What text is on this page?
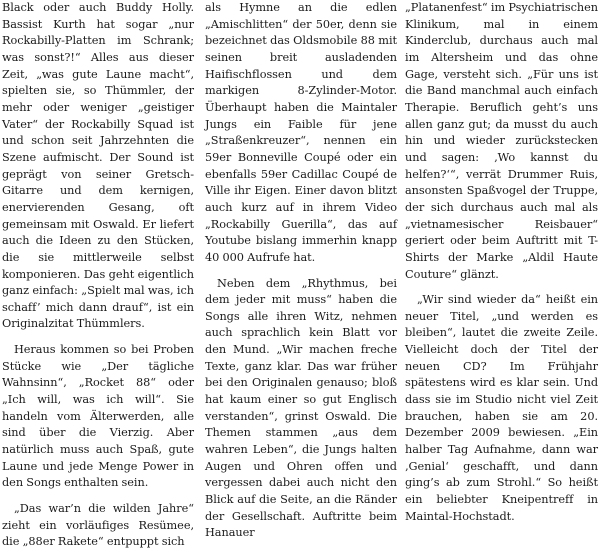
Black oder auch Buddy Holly. Bassist Kurth hat sogar „nur Rockabilly-Platten im Schrank; was sonst?!“ Alles aus dieser Zeit, „was gute Laune macht“, spielten sie, so Thümmler, der mehr oder weniger „geistiger Vater“ der Rockabilly Squad ist und schon seit Jahrzehnten die Szene aufmischt. Der Sound ist geprägt von seiner Gretsch-Gitarre und dem kernigen, enervierenden Gesang, oft gemeinsam mit Oswald. Er liefert auch die Ideen zu den Stücken, die sie mittlerweile selbst komponieren. Das geht eigentlich ganz einfach: „Spielt mal was, ich schaff’ mich dann drauf“, ist ein Originalzitat Thümmlers.

Heraus kommen so bei Proben Stücke wie „Der tägliche Wahnsinn“, „Rocket 88“ oder „Ich will, was ich will“. Sie handeln vom Älterwerden, alle sind über die Vierzig. Aber natürlich muss auch Spaß, gute Laune und jede Menge Power in den Songs enthalten sein.

„Das war’n die wilden Jahre“ zieht ein vorläufiges Resümee, die „88er Rakete“ entpuppt sich

als Hymne an die edlen „Amischlitten“ der 50er, denn sie bezeichnet das Oldsmobile 88 mit seinen breit ausladenden Haifischflossen und dem markigen 8-Zylinder-Motor. Überhaupt haben die Maintaler Jungs ein Faible für jene „Straßenkreuzer“, nennen ein 59er Bonneville Coupé oder ein ebenfalls 59er Cadillac Coupé de Ville ihr Eigen. Einer davon blitzt auch kurz auf in ihrem Video „Rockabilly Guerilla“, das auf Youtube bislang immerhin knapp 40 000 Aufrufe hat.

Neben dem „Rhythmus, bei dem jeder mit muss“ haben die Songs alle ihren Witz, nehmen auch sprachlich kein Blatt vor den Mund. „Wir machen freche Texte, ganz klar. Das war früher bei den Originalen genauso; bloß hat kaum einer so gut Englisch verstanden“, grinst Oswald. Die Themen stammen „aus dem wahren Leben“, die Jungs halten Augen und Ohren offen und vergessen dabei auch nicht den Blick auf die Seite, an die Ränder der Gesellschaft. Auftritte beim Hanauer

„Platanenfest“ im Psychiatrischen Klinikum, mal in einem Kinderclub, durchaus auch mal im Altersheim und das ohne Gage, versteht sich. „Für uns ist die Band manchmal auch einfach Therapie. Beruflich geht’s uns allen ganz gut; da musst du auch hin und wieder zurückstecken und sagen: ‚Wo kannst du helfen?‘“, verrät Drummer Ruis, ansonsten Spaßvogel der Truppe, der sich durchaus auch mal als „vietnamesischer Reisbauer“ geriert oder beim Auftritt mit T-Shirts der Marke „Aldil Haute Couture“ glänzt.

„Wir sind wieder da“ heißt ein neuer Titel, „und werden es bleiben“, lautet die zweite Zeile. Vielleicht doch der Titel der neuen CD? Im Frühjahr spätestens wird es klar sein. Und dass sie im Studio nicht viel Zeit brauchen, haben sie am 20. Dezember 2009 bewiesen. „Ein halber Tag Aufnahme, dann war ‚Genial‘ geschafft, und dann ging’s ab zum Strohl.“ So heißt ein beliebter Kneipentreff in Maintal-Hochstadt.
